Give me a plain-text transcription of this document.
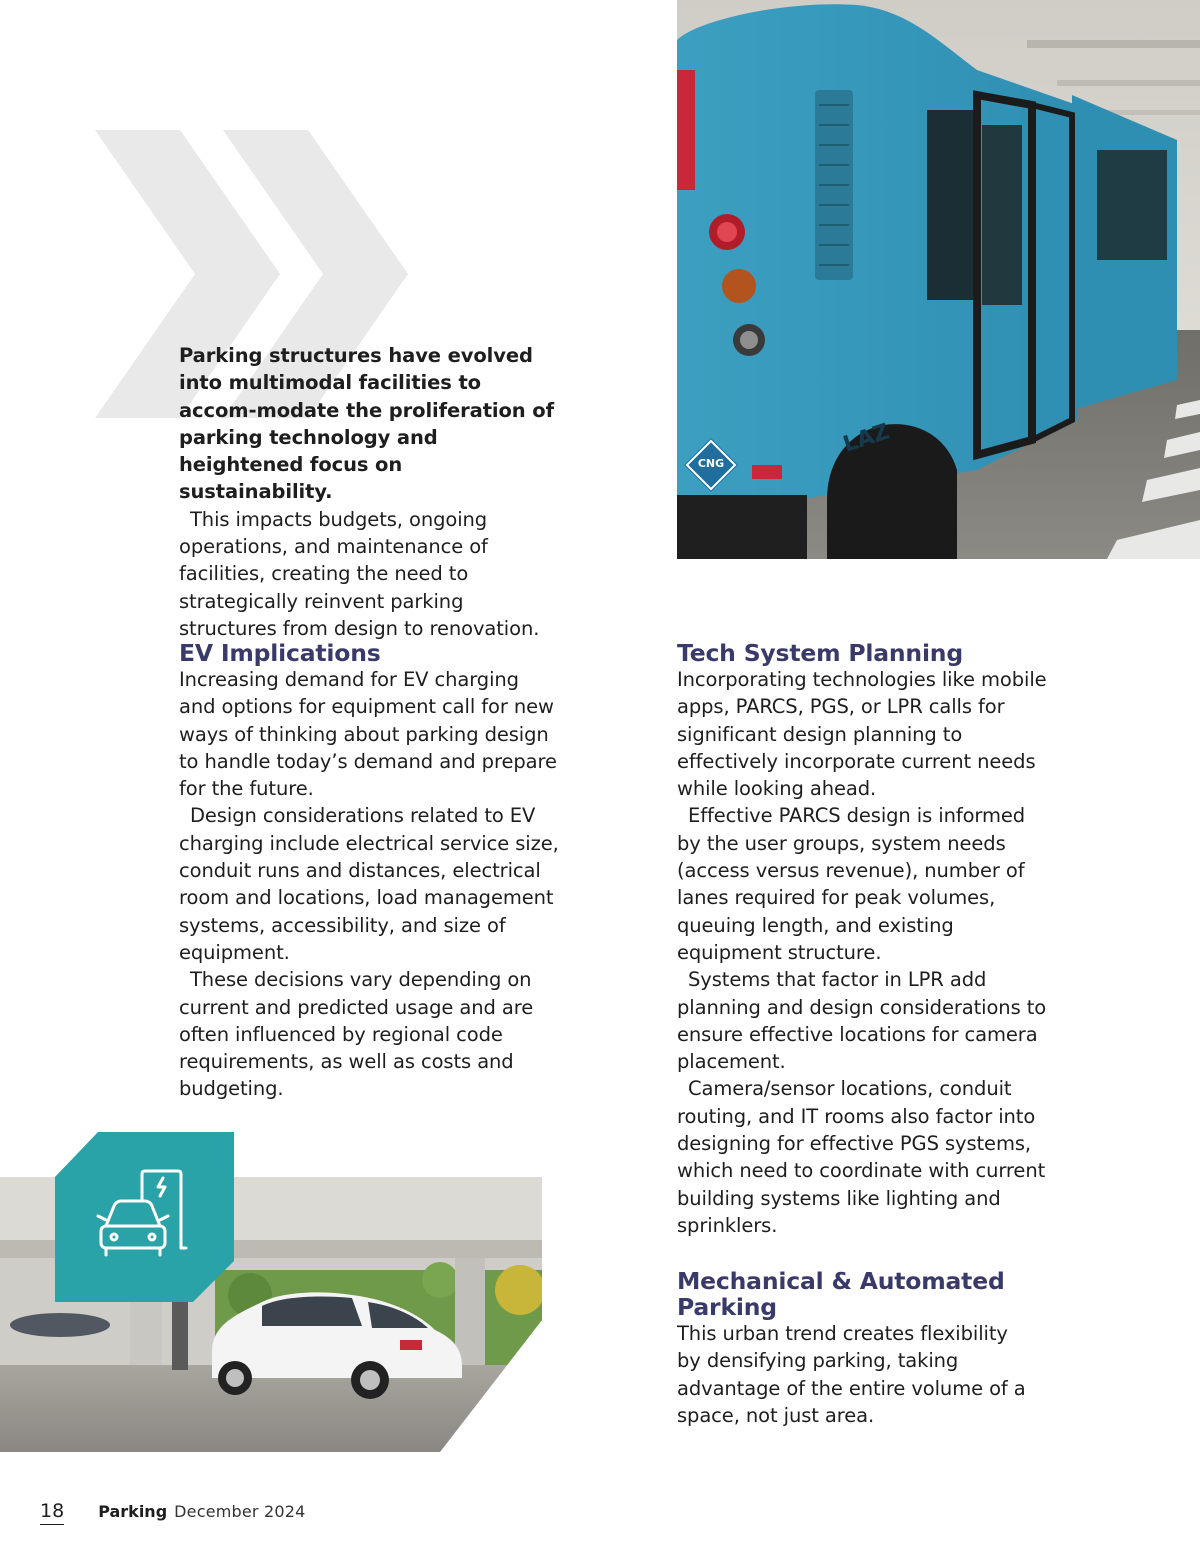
Parking structures have evolved into multimodal facilities to accom-modate the proliferation of parking technology and heightened focus on sustainability.

This impacts budgets, ongoing operations, and maintenance of facilities, creating the need to strategically reinvent parking structures from design to renovation.

CNG
LAZ
EV Implications

Increasing demand for EV charging and options for equipment call for new ways of thinking about parking design to handle today’s demand and prepare for the future.

Design considerations related to EV charging include electrical service size, conduit runs and distances, electrical room and locations, load management systems, accessibility, and size of equipment.

These decisions vary depending on current and predicted usage and are often influenced by regional code requirements, as well as costs and budgeting.

Tech System Planning

Incorporating technologies like mobile apps, PARCS, PGS, or LPR calls for significant design planning to effectively incorporate current needs while looking ahead.

Effective PARCS design is informed by the user groups, system needs (access versus revenue), number of lanes required for peak volumes, queuing length, and existing equipment structure.

Systems that factor in LPR add planning and design considerations to ensure effective locations for camera placement.

Camera/sensor locations, conduit routing, and IT rooms also factor into designing for effective PGS systems, which need to coordinate with current building systems like lighting and sprinklers.

Mechanical & Automated Parking

This urban trend creates flexibility by densifying parking, taking advantage of the entire volume of a space, not just area.

18 Parking December 2024
